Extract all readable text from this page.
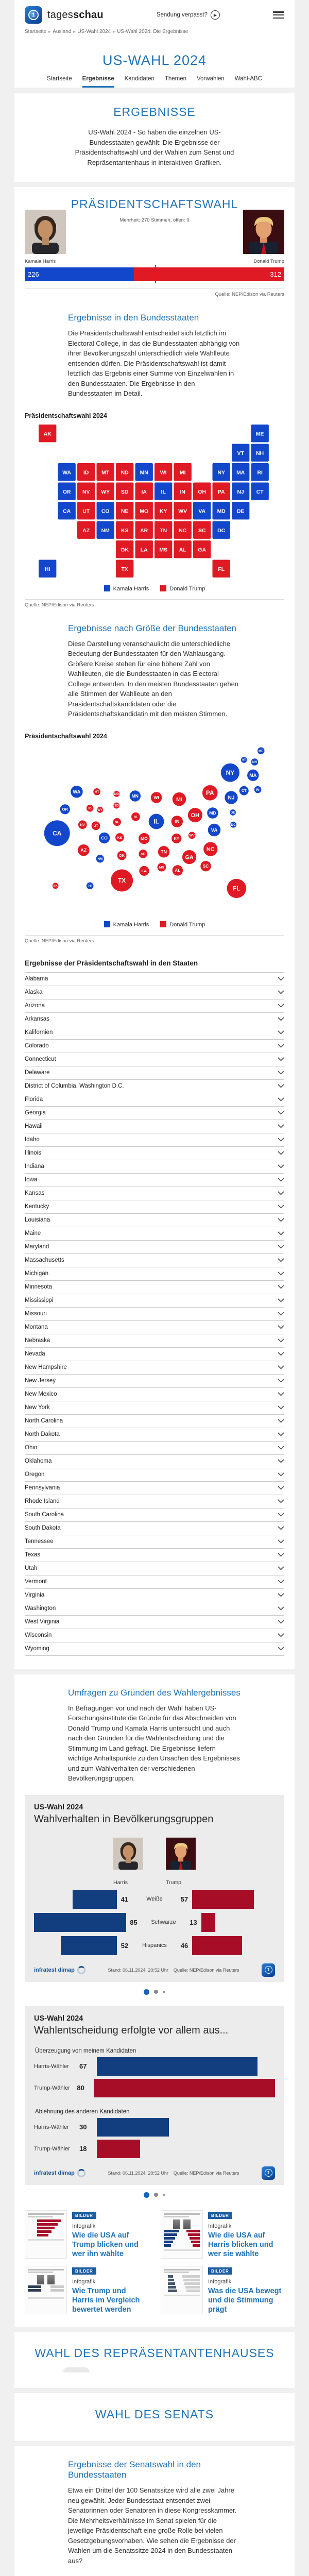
1	tagesschau	Sendung verpasst?	▶
Startseite ▸ Ausland ▸ US-Wahl 2024 ▸ US-Wahl 2024: Die Ergebnisse
US-WAHL 2024
Startseite Ergebnisse Kandidaten Themen Vorwahlen Wahl-ABC
ERGEBNISSE

US-Wahl 2024 - So haben die einzelnen US-Bundesstaaten gewählt: Die Ergebnisse der Präsidentschaftswahl und der Wahlen zum Senat und Repräsentantenhaus in interaktiven Grafiken.

PRÄSIDENTSCHAFTSWAHL
Mehrheit: 270 Stimmen, offen: 0
Kamala Harris	Donald Trump
226	312
Quelle: NEP/Edison via Reuters
Ergebnisse in den Bundesstaaten

Die Präsidentschaftswahl entscheidet sich letztlich im Electoral College, in das die Bundesstaaten abhängig von ihrer Bevölkerungszahl unterschiedlich viele Wahlleute entsenden dürfen. Die Präsidentschaftswahl ist damit letztlich das Ergebnis einer Summe von Einzelwahlen in den Bundesstaaten. Die Ergebnisse in den Bundesstaaten im Detail.

Präsidentschaftswahl 2024
AL
AK
AZ	AR
CA	CO
CT
DE
DC
FL
GA
HI
ID
IL	IN
IA
KS
KY
LA
ME
MD
MA
MI
MN
MS
MO
MT
NE
NV
NH
NJ
NM
NY
NC
ND
OH
OK
OR	PA
RI
SC
SD
TN
TX
UT
VT
VA
WA
WV
WI
WY
Kamala Harris	Donald Trump
Quelle: NEP/Edison via Reuters
Ergebnisse nach Größe der Bundesstaaten

Diese Darstellung veranschaulicht die unterschiedliche Bedeutung der Bundesstaaten für den Wahlausgang. Größere Kreise stehen für eine höhere Zahl von Wahlleuten, die die Bundesstaaten in das Electoral College entsenden. In den meisten Bundesstaaten gehen alle Stimmen der Wahlleute an den Präsidentschaftskandidaten oder die Präsidentschaftskandidatin mit den meisten Stimmen.

Präsidentschaftswahl 2024
AL
AK
AZ
AR
CA
CO
CT
DE
DC
FL
GA
HI
ID
IL	IN
IA
KS	KY
LA
ME
MD
MA
MI
MN
MS
MO
MT
NE
NV
NH
NJ
NM
NY
NC
ND
OH
OK
OR
PA	RI
SC
SD
TN
TX
UT
VT
VA
WA
WV
WI
WY
Kamala Harris	Donald Trump
Quelle: NEP/Edison via Reuters
Ergebnisse der Präsidentschaftswahl in den Staaten
Alabama
Alaska
Arizona
Arkansas
Kalifornien
Colorado
Connecticut
Delaware
District of Columbia, Washington D.C.
Florida
Georgia
Hawaii
Idaho
Illinois
Indiana
Iowa
Kansas
Kentucky
Louisiana
Maine
Maryland
Massachusetts
Michigan
Minnesota
Mississippi
Missouri
Montana
Nebraska
Nevada
New Hampshire
New Jersey
New Mexico
New York
North Carolina
North Dakota
Ohio
Oklahoma
Oregon
Pennsylvania
Rhode Island
South Carolina
South Dakota
Tennessee
Texas
Utah
Vermont
Virginia
Washington
West Virginia
Wisconsin
Wyoming
Umfragen zu Gründen des Wahlergebnisses

In Befragungen vor und nach der Wahl haben US-Forschungsinstitute die Gründe für das Abschneiden von Donald Trump und Kamala Harris untersucht und auch nach den Gründen für die Wahlentscheidung und die Stimmung im Land gefragt. Die Ergebnisse liefern wichtige Anhaltspunkte zu den Ursachen des Ergebnisses und zum Wahlverhalten der verschiedenen Bevölkerungsgruppen.

US-Wahl 2024

Wahlverhalten in Bevölkerungsgruppen

Harris	Trump
41	Weiße	57
85	Schwarze	13
52	Hispanics	46
infratest dimap	Stand: 06.11.2024, 20:52 Uhr Quelle: NEP/Edison via Reuters	1

US-Wahl 2024

Wahlentscheidung erfolgte vor allem aus...

Überzeugung von meinem Kandidaten
Harris-Wähler	67
Trump-Wähler	80
Ablehnung des anderen Kandidaten
Harris-Wähler	30
Trump-Wähler	18
infratest dimap	Stand: 06.11.2024, 20:52 Uhr Quelle: NEP/Edison via Reuters	1
BILDER
Infografik
Wie die USA auf Trump blicken und wer ihn wählte
BILDER
Infografik
Wie die USA auf Harris blicken und wer sie wählte
BILDER
Infografik
Wie Trump und Harris im Vergleich bewertet werden
BILDER
Infografik
Was die USA bewegt und die Stimmung prägt
WAHL DES REPRÄSENTANTENHAUSES
WAHL DES SENATS
Ergebnisse der Senatswahl in den Bundesstaaten

Etwa ein Drittel der 100 Senatssitze wird alle zwei Jahre neu gewählt. Jeder Bundesstaat entsendet zwei Senatorinnen oder Senatoren in diese Kongresskammer. Die Mehrheitsverhältnisse im Senat spielen für die jeweilige Präsidentschaft eine große Rolle bei vielen Gesetzgebungsvorhaben. Wie sehen die Ergebnisse der Wahlen um die Senatssitze 2024 in den Bundesstaaten aus?
